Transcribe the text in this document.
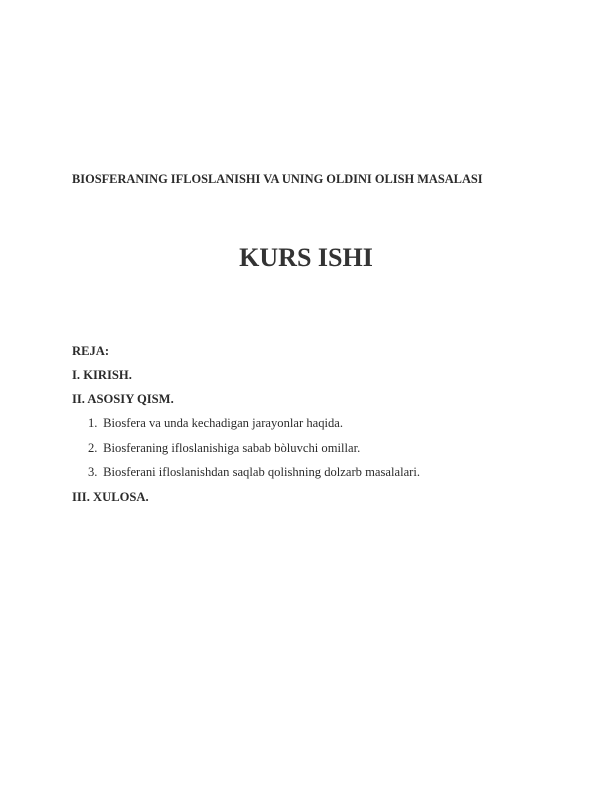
BIOSFERANING IFLOSLANISHI VA UNING OLDINI OLISH MASALASI
KURS ISHI
REJA:
I. KIRISH.
II. ASOSIY QISM.
1. Biosfera va unda kechadigan jarayonlar haqida.
2. Biosferaning ifloslanishiga sabab bòluvchi omillar.
3. Biosferani ifloslanishdan saqlab qolishning dolzarb masalalari.
III. XULOSA.
